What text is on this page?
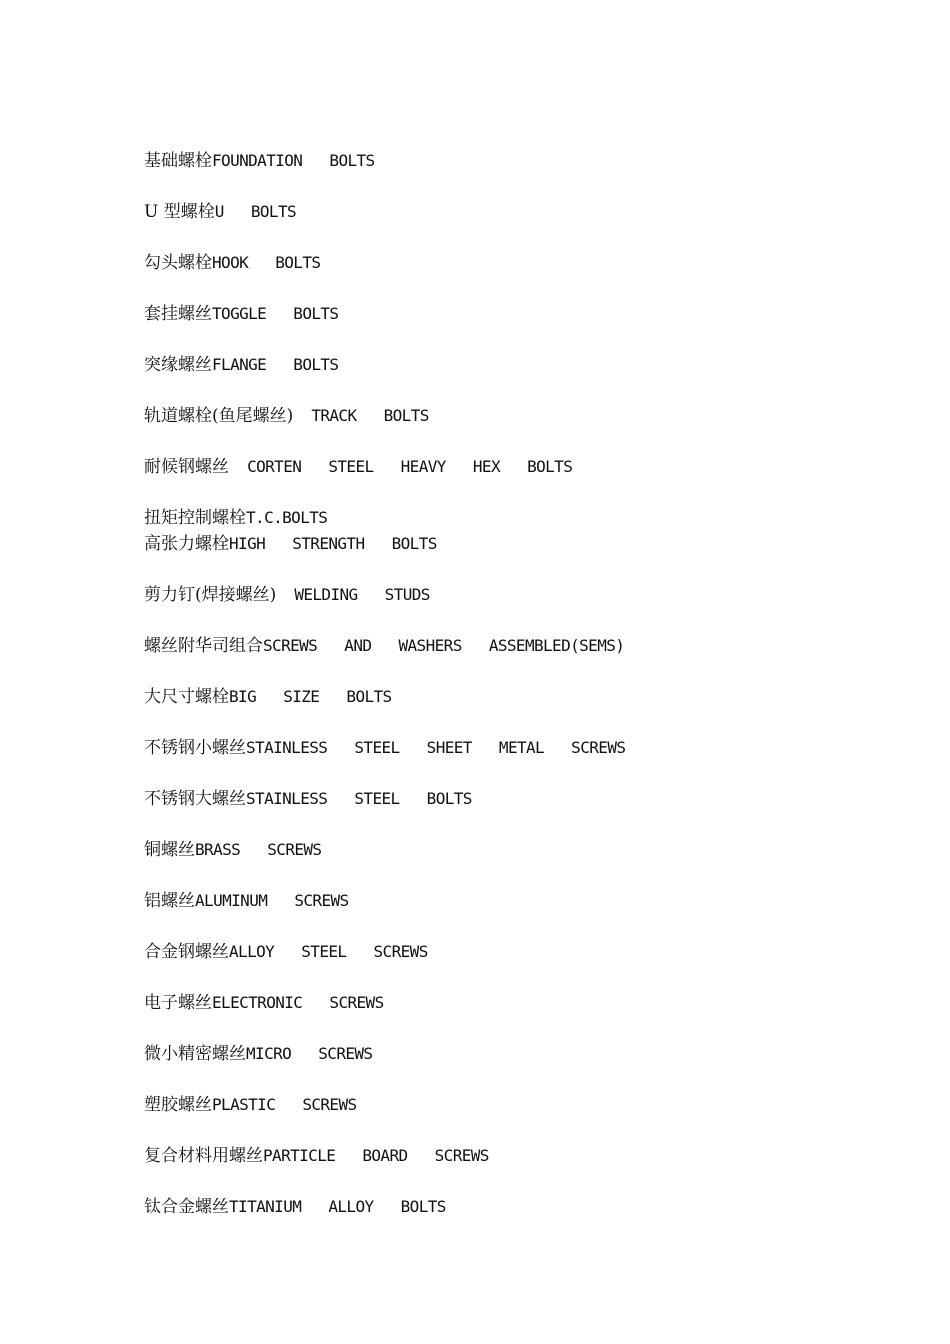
基础螺栓FOUNDATION   BOLTS
U 型螺栓U   BOLTS
勾头螺栓HOOK   BOLTS
套挂螺丝TOGGLE   BOLTS
突缘螺丝FLANGE   BOLTS
轨道螺栓(鱼尾螺丝)  TRACK   BOLTS
耐候钢螺丝  CORTEN   STEEL   HEAVY   HEX   BOLTS
扭矩控制螺栓T.C.BOLTS
高张力螺栓HIGH   STRENGTH   BOLTS
剪力钉(焊接螺丝)  WELDING   STUDS
螺丝附华司组合SCREWS   AND   WASHERS   ASSEMBLED(SEMS)
大尺寸螺栓BIG   SIZE   BOLTS
不锈钢小螺丝STAINLESS   STEEL   SHEET   METAL   SCREWS
不锈钢大螺丝STAINLESS   STEEL   BOLTS
铜螺丝BRASS   SCREWS
铝螺丝ALUMINUM   SCREWS
合金钢螺丝ALLOY   STEEL   SCREWS
电子螺丝ELECTRONIC   SCREWS
微小精密螺丝MICRO   SCREWS
塑胶螺丝PLASTIC   SCREWS
复合材料用螺丝PARTICLE   BOARD   SCREWS
钛合金螺丝TITANIUM   ALLOY   BOLTS
